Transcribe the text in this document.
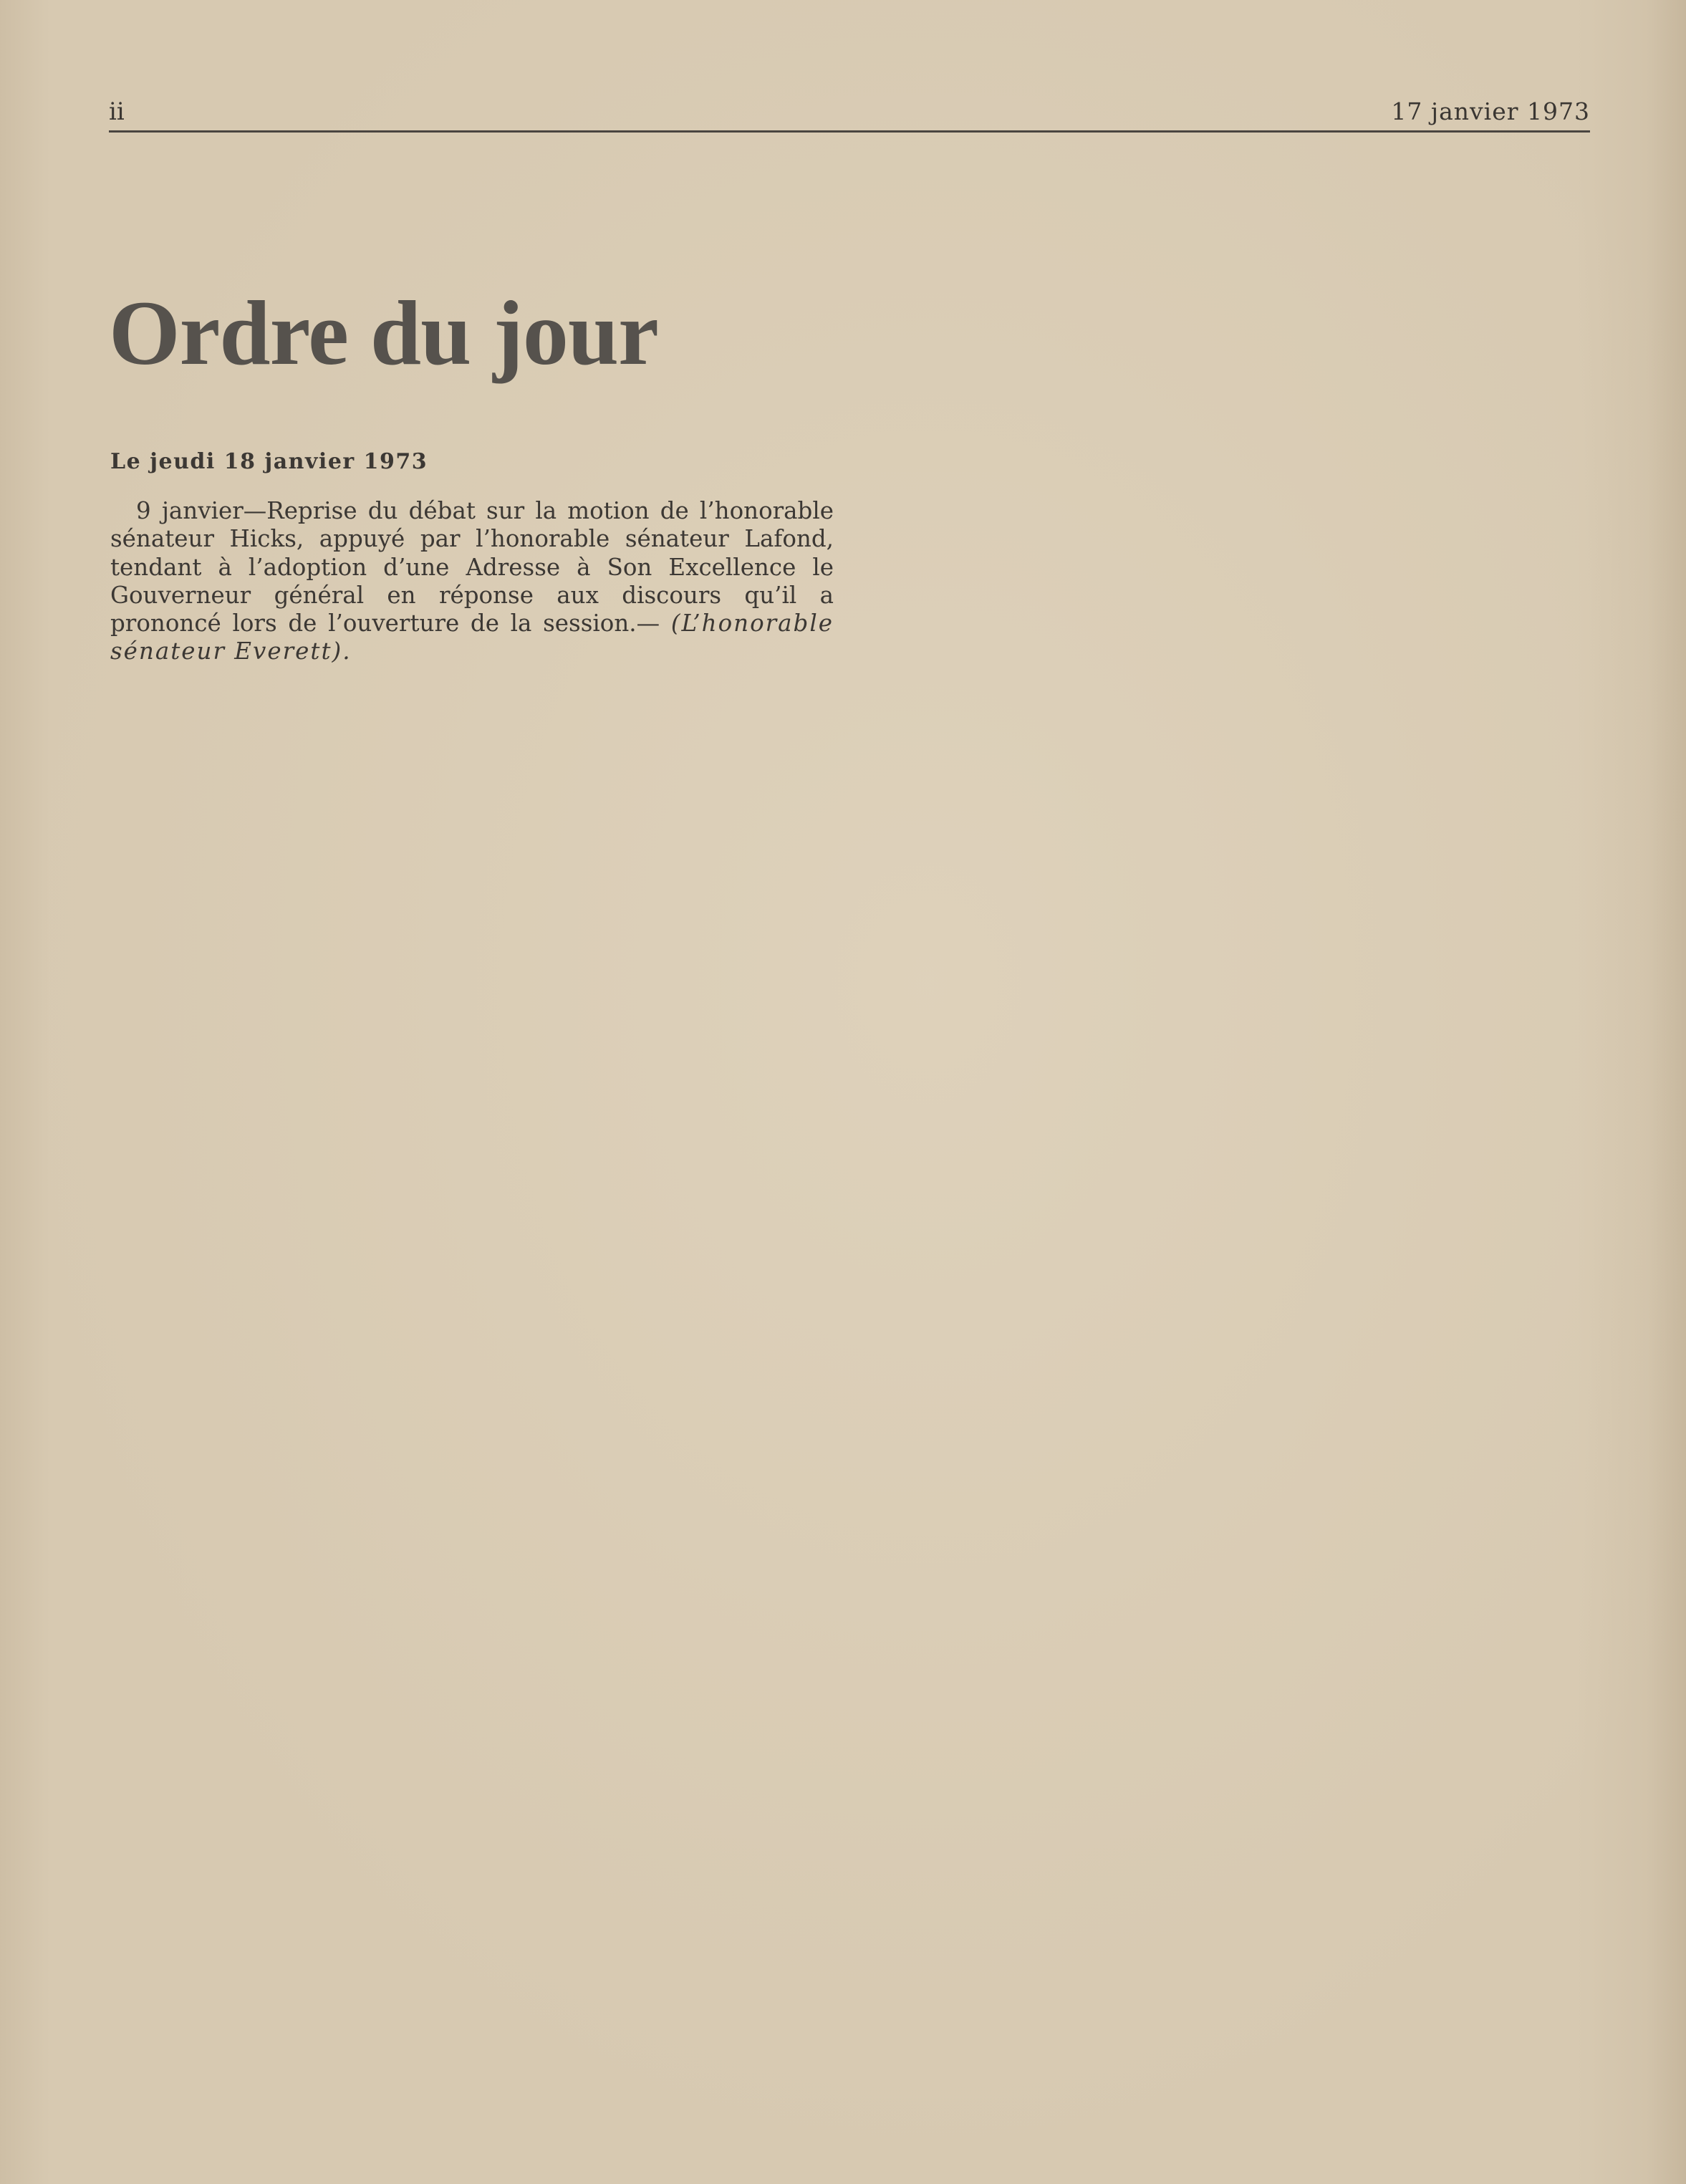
ii	17 janvier 1973
Ordre du jour
Le jeudi 18 janvier 1973

9 janvier—Reprise du débat sur la motion de l’honorable sénateur Hicks, appuyé par l’honorable sénateur Lafond, tendant à l’adoption d’une Adresse à Son Excellence le Gouverneur général en réponse aux discours qu’il a prononcé lors de l’ouverture de la session.— (L’honorable sénateur Everett).
